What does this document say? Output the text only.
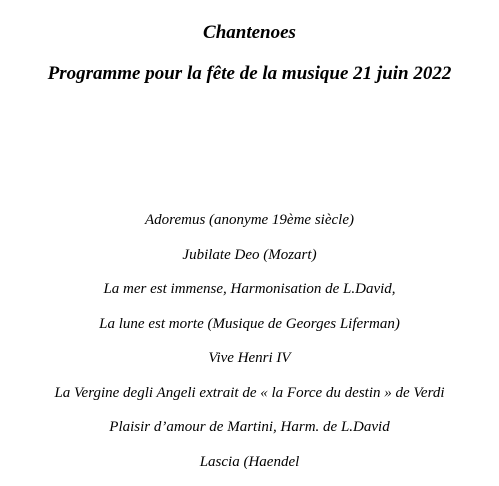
Chantenoes
Programme pour la fête de la musique 21 juin 2022
Adoremus (anonyme 19ème siècle)
Jubilate Deo (Mozart)
La mer est immense, Harmonisation de L.David,
La lune est morte (Musique de Georges Liferman)
Vive Henri IV
La Vergine degli Angeli extrait de « la Force du destin » de Verdi
Plaisir d’amour de Martini, Harm. de L.David
Lascia (Haendel
